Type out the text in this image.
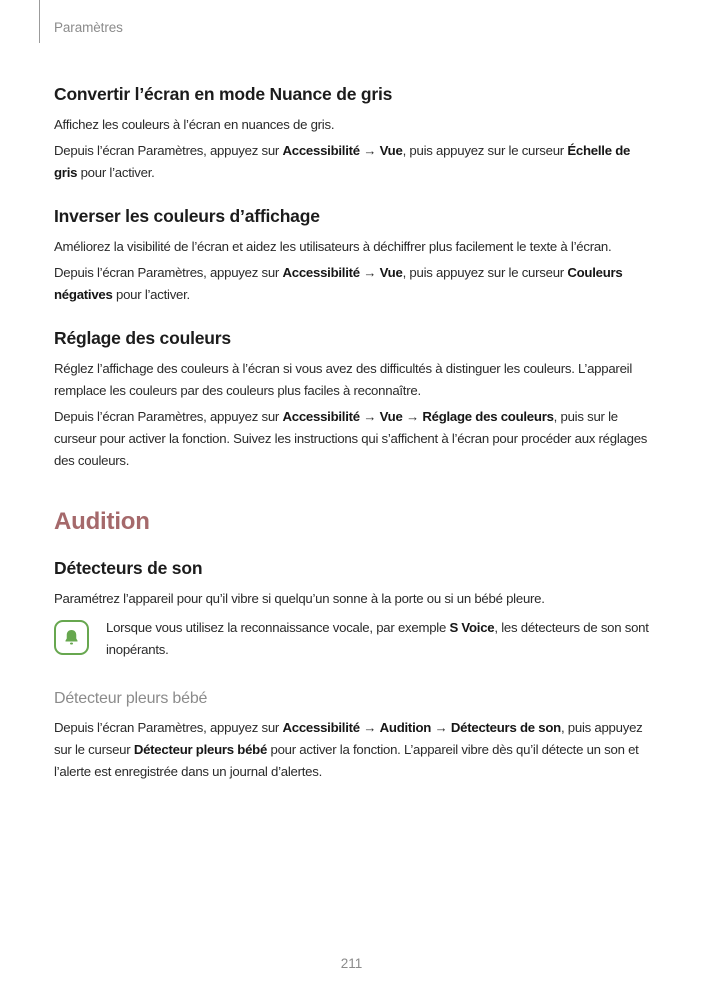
Paramètres
Convertir l’écran en mode Nuance de gris

Affichez les couleurs à l’écran en nuances de gris.

Depuis l’écran Paramètres, appuyez sur Accessibilité → Vue, puis appuyez sur le curseur Échelle de gris pour l’activer.

Inverser les couleurs d’affichage

Améliorez la visibilité de l’écran et aidez les utilisateurs à déchiffrer plus facilement le texte à l’écran.

Depuis l’écran Paramètres, appuyez sur Accessibilité → Vue, puis appuyez sur le curseur Couleurs négatives pour l’activer.

Réglage des couleurs

Réglez l’affichage des couleurs à l’écran si vous avez des difficultés à distinguer les couleurs. L’appareil remplace les couleurs par des couleurs plus faciles à reconnaître.

Depuis l’écran Paramètres, appuyez sur Accessibilité → Vue → Réglage des couleurs, puis sur le curseur pour activer la fonction. Suivez les instructions qui s’affichent à l’écran pour procéder aux réglages des couleurs.

Audition
Détecteurs de son

Paramétrez l’appareil pour qu’il vibre si quelqu’un sonne à la porte ou si un bébé pleure.

Lorsque vous utilisez la reconnaissance vocale, par exemple S Voice, les détecteurs de son sont inopérants.

Détecteur pleurs bébé

Depuis l’écran Paramètres, appuyez sur Accessibilité → Audition → Détecteurs de son, puis appuyez sur le curseur Détecteur pleurs bébé pour activer la fonction. L’appareil vibre dès qu’il détecte un son et l’alerte est enregistrée dans un journal d’alertes.

211
